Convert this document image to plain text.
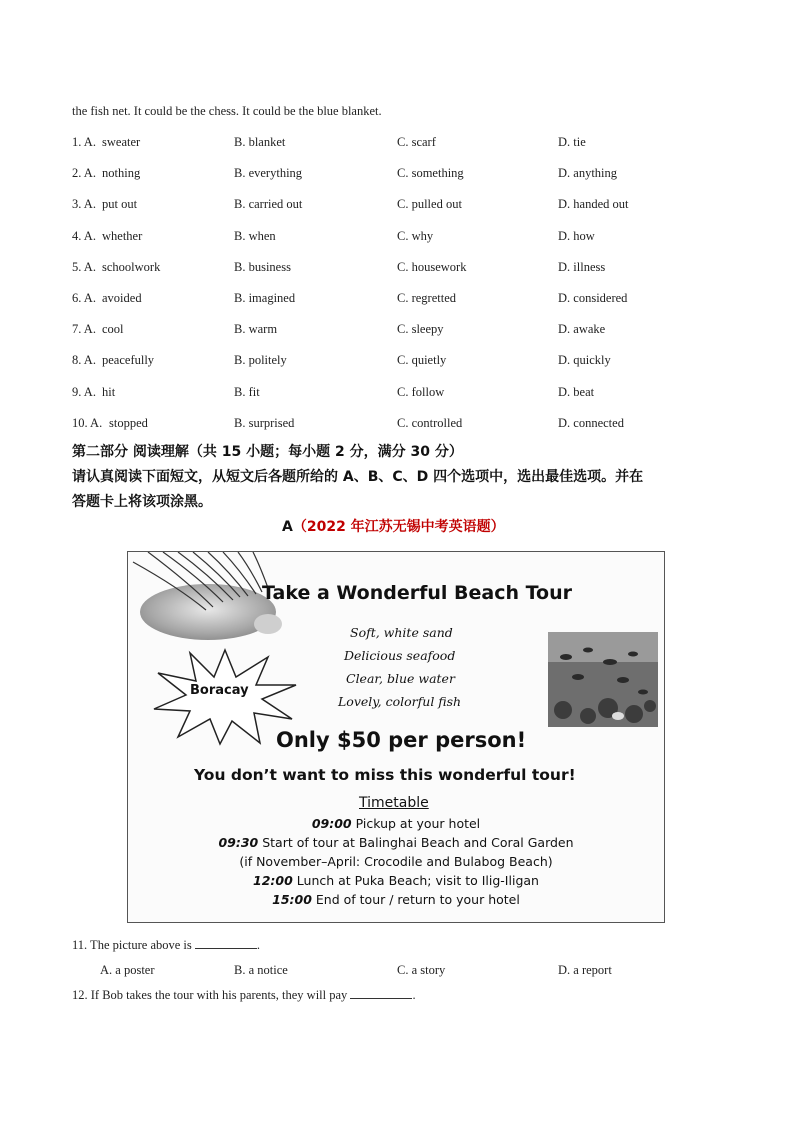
the fish net. It could be the chess. It could be the blue blanket.
1. A. sweater	B. blanket	C. scarf	D. tie
2. A. nothing	B. everything	C. something	D. anything
3. A. put out	B. carried out	C. pulled out	D. handed out
4. A. whether	B. when	C. why	D. how
5. A. schoolwork	B. business	C. housework	D. illness
6. A. avoided	B. imagined	C. regretted	D. considered
7. A. cool	B. warm	C. sleepy	D. awake
8. A. peacefully	B. politely	C. quietly	D. quickly
9. A. hit	B. fit	C. follow	D. beat
10. A. stopped	B. surprised	C. controlled	D. connected
第二部分 阅读理解（共 15 小题；每小题 2 分，满分 30 分）
请认真阅读下面短文，从短文后各题所给的 A、B、C、D 四个选项中，选出最佳选项。并在
答题卡上将该项涂黑。
A（2022 年江苏无锡中考英语题）
Take a Wonderful Beach Tour
Boracay
Soft, white sand
Delicious seafood
Clear, blue water
Lovely, colorful fish
Only $50 per person!
You don’t want to miss this wonderful tour!
Timetable
09:00 Pickup at your hotel
09:30 Start of tour at Balinghai Beach and Coral Garden
(if November–April: Crocodile and Bulabog Beach)
12:00 Lunch at Puka Beach; visit to Ilig-Iligan
15:00 End of tour / return to your hotel
11. The picture above is	.
A. a poster	B. a notice	C. a story	D. a report
12. If Bob takes the tour with his parents, they will pay	.
